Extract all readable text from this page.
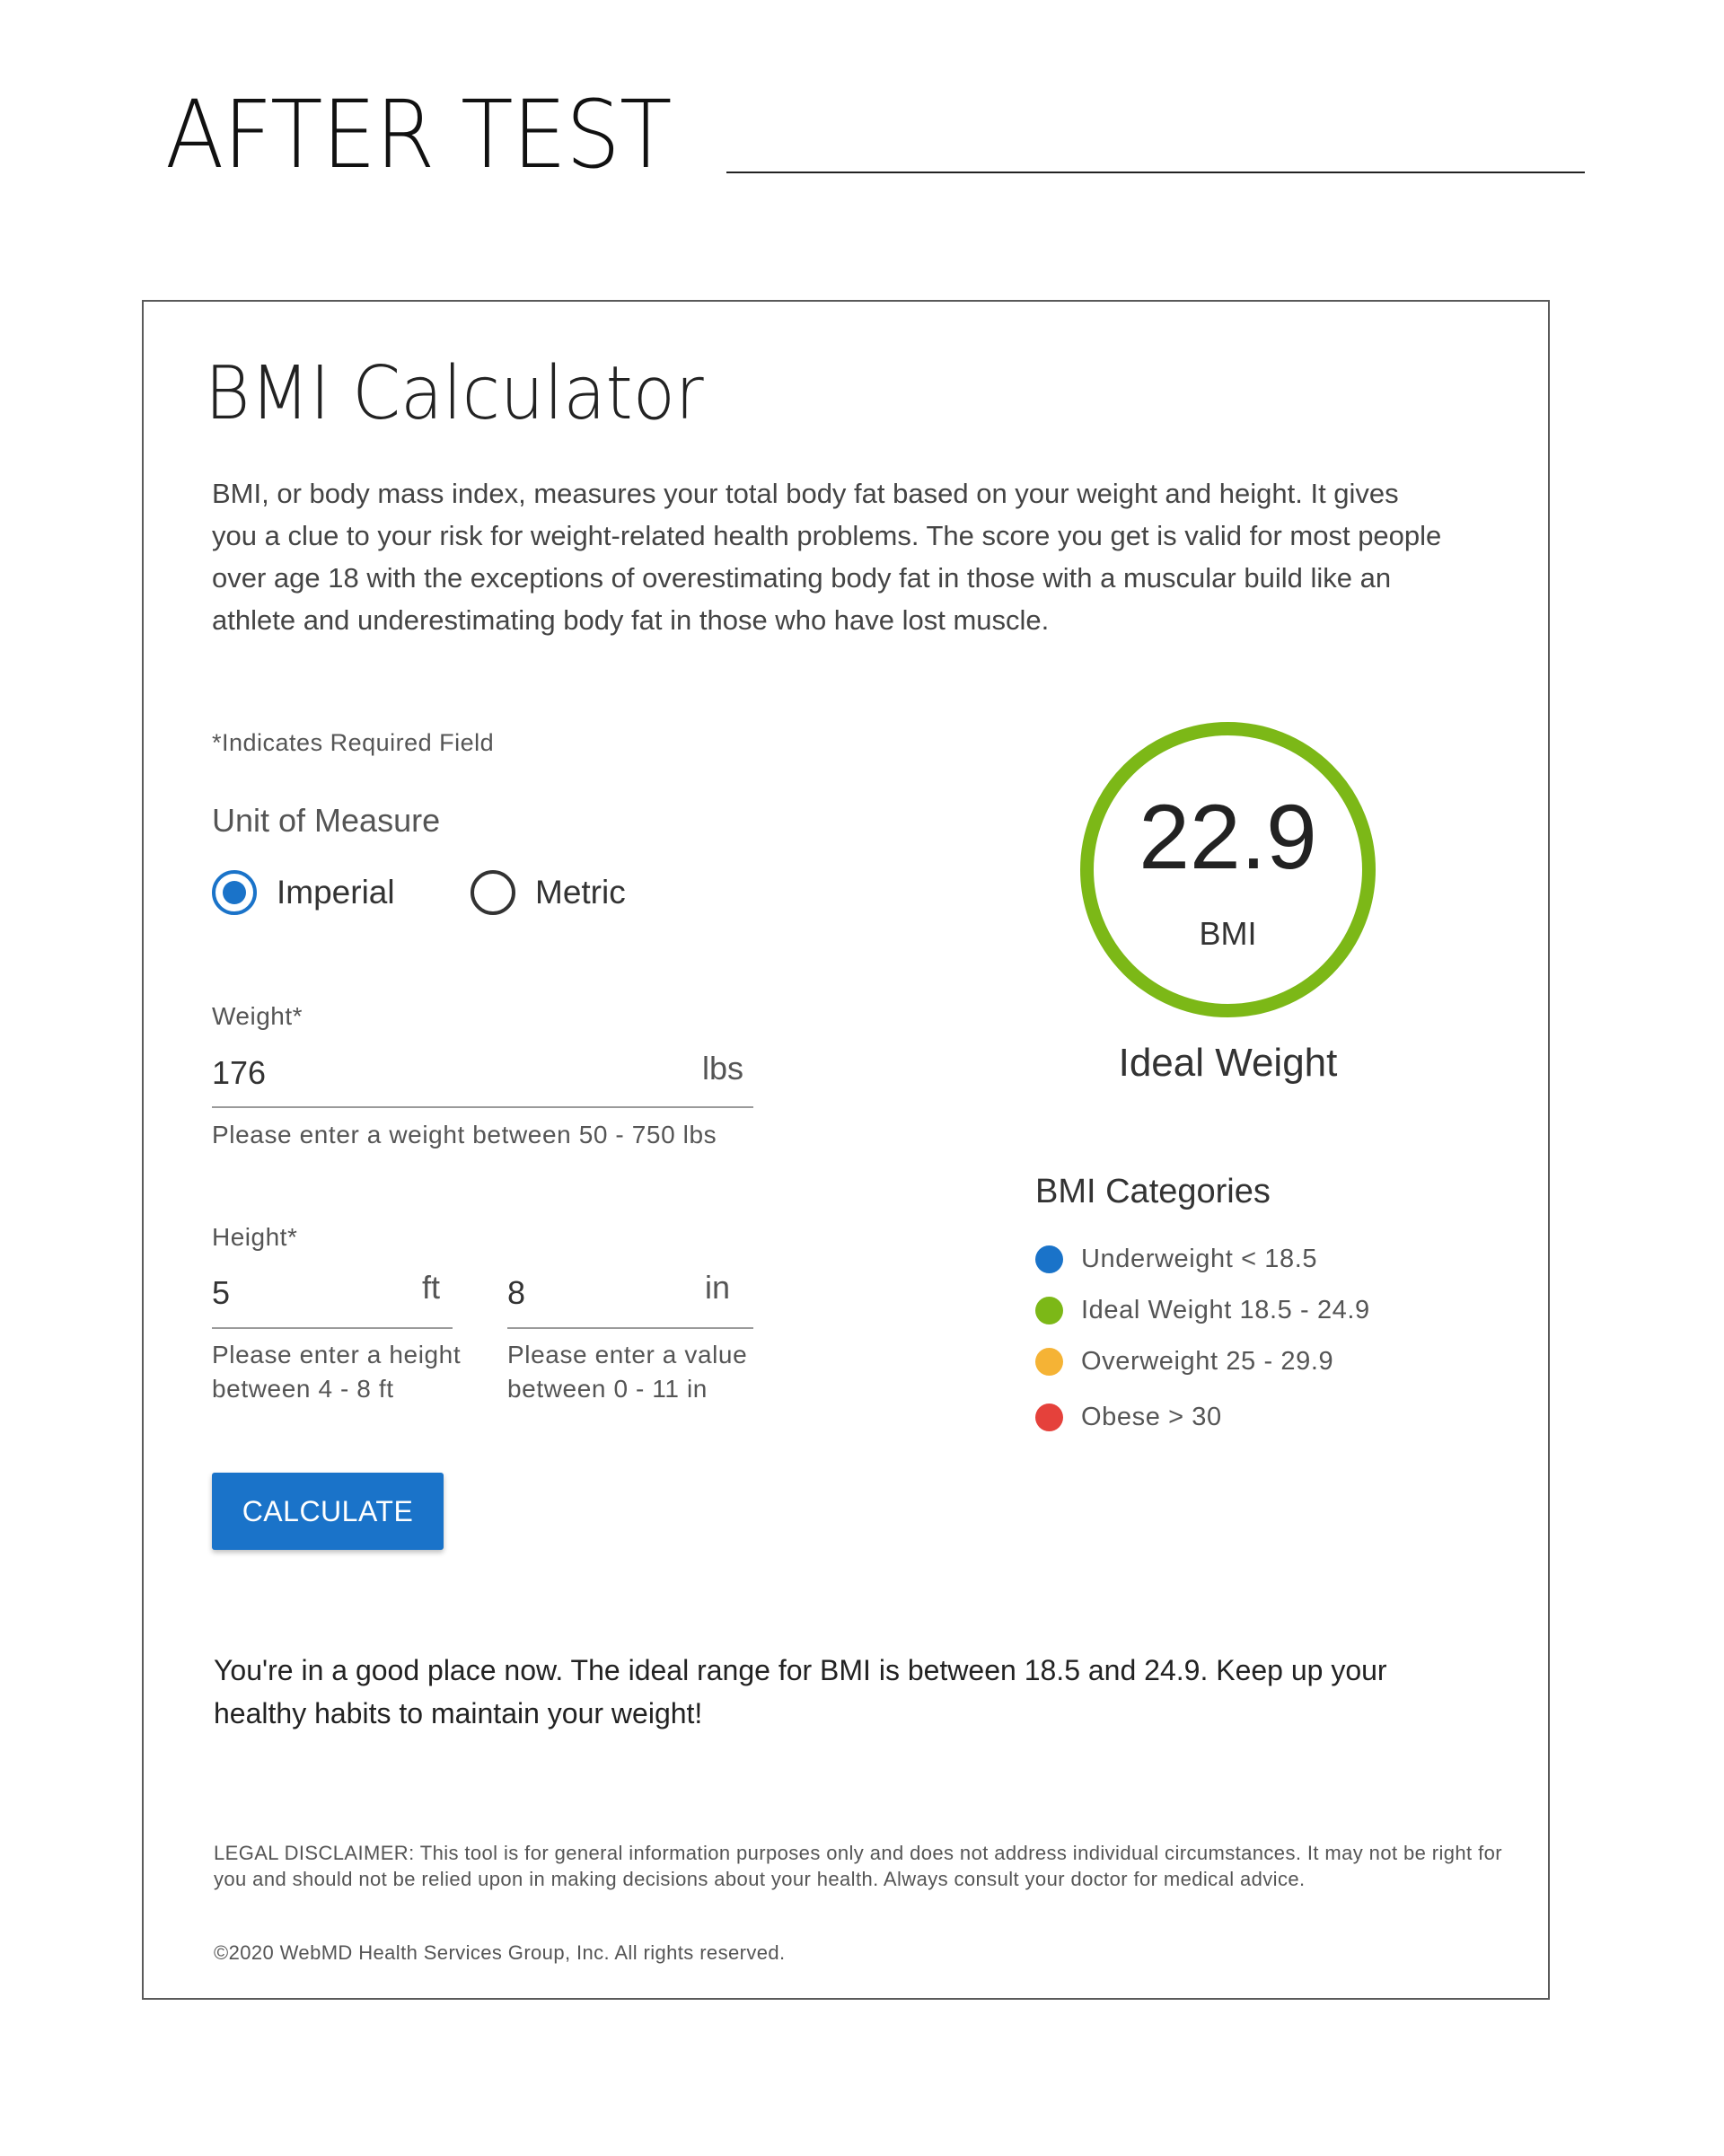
AFTER TEST
BMI Calculator
BMI, or body mass index, measures your total body fat based on your weight and height. It gives you a clue to your risk for weight-related health problems. The score you get is valid for most people over age 18 with the exceptions of overestimating body fat in those with a muscular build like an athlete and underestimating body fat in those who have lost muscle.
*Indicates Required Field
Unit of Measure
Imperial	Metric
Weight*
176	lbs
Please enter a weight between 50 - 750 lbs
Height*
5	ft
Please enter a height
between 4 - 8 ft
8	in
Please enter a value
between 0 - 11 in
CALCULATE
22.9
BMI
Ideal Weight
BMI Categories
Underweight < 18.5
Ideal Weight 18.5 - 24.9
Overweight 25 - 29.9
Obese > 30
You're in a good place now. The ideal range for BMI is between 18.5 and 24.9. Keep up your healthy habits to maintain your weight!
LEGAL DISCLAIMER: This tool is for general information purposes only and does not address individual circumstances. It may not be right for you and should not be relied upon in making decisions about your health. Always consult your doctor for medical advice.
©2020 WebMD Health Services Group, Inc. All rights reserved.
